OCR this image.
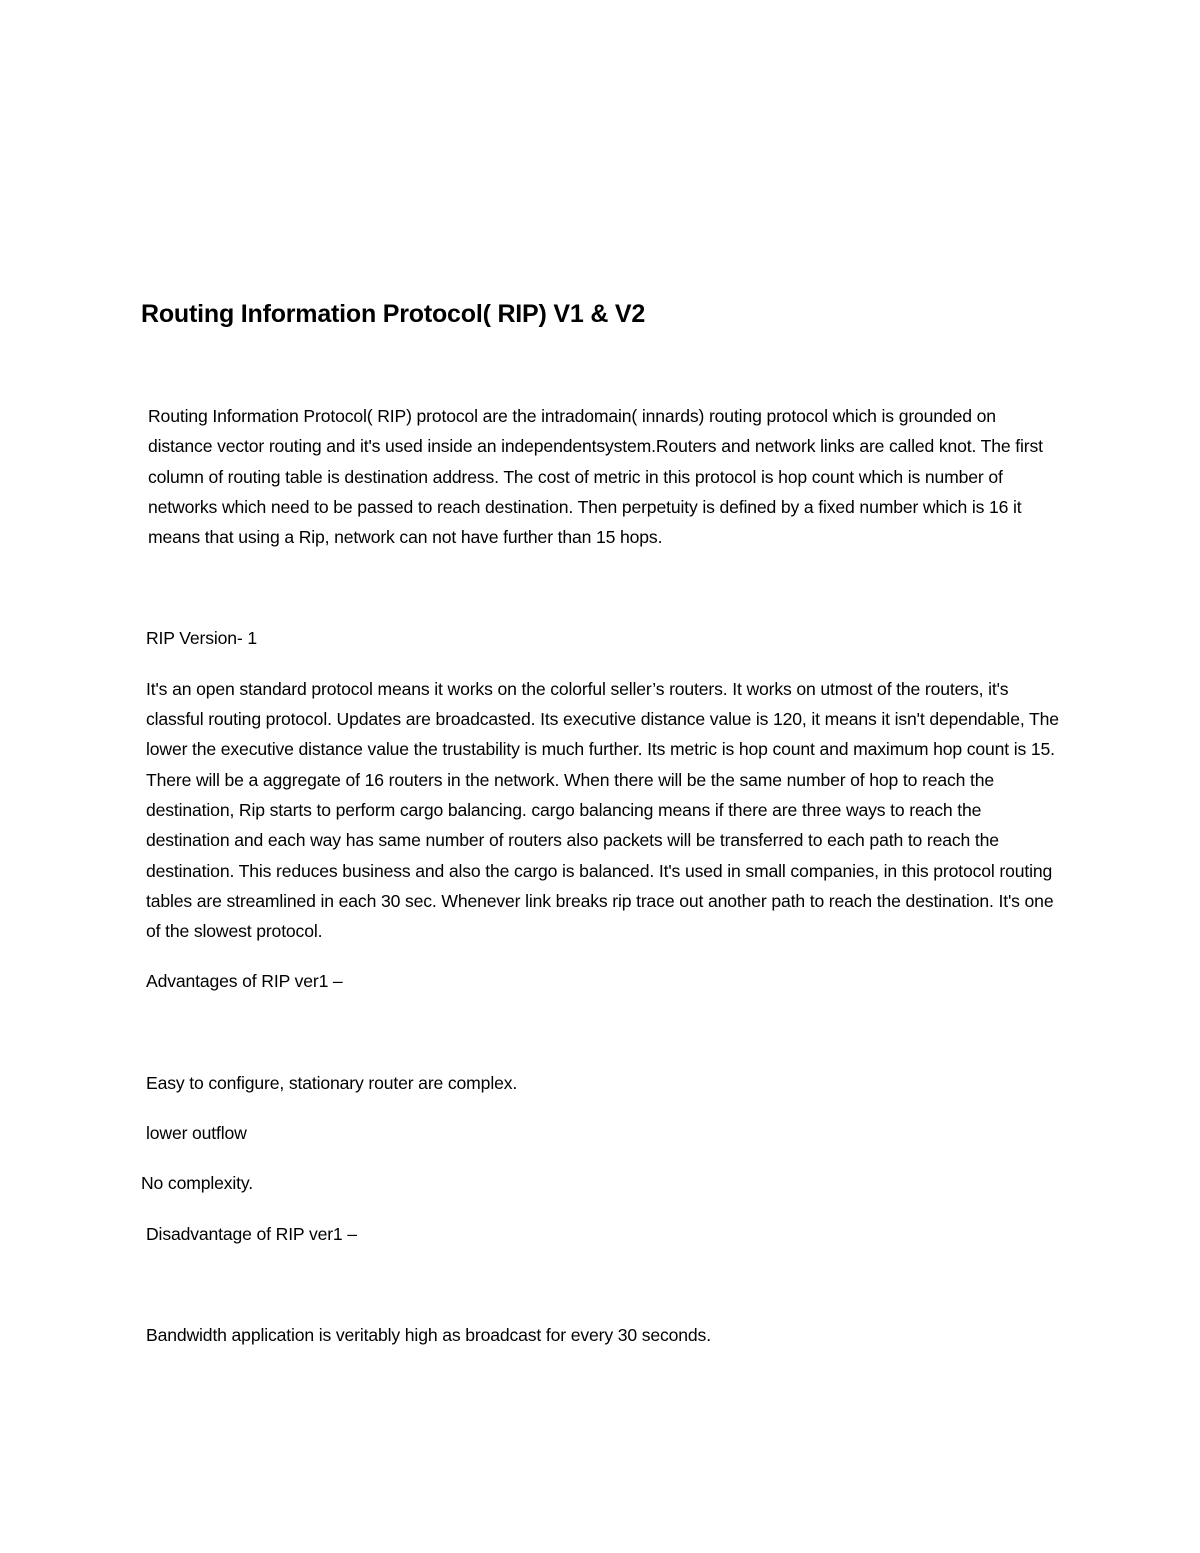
Routing Information Protocol( RIP) V1 & V2

Routing Information Protocol( RIP) protocol are the intradomain( innards) routing protocol which is grounded on distance vector routing and it's used inside an independentsystem.Routers and network links are called knot. The first column of routing table is destination address. The cost of metric in this protocol is hop count which is number of networks which need to be passed to reach destination. Then perpetuity is defined by a fixed number which is 16 it means that using a Rip, network can not have further than 15 hops.

RIP Version- 1

It's an open standard protocol means it works on the colorful seller’s routers. It works on utmost of the routers, it's classful routing protocol. Updates are broadcasted. Its executive distance value is 120, it means it isn't dependable, The lower the executive distance value the trustability is much further. Its metric is hop count and maximum hop count is 15. There will be a aggregate of 16 routers in the network. When there will be the same number of hop to reach the destination, Rip starts to perform cargo balancing. cargo balancing means if there are three ways to reach the destination and each way has same number of routers also packets will be transferred to each path to reach the destination. This reduces business and also the cargo is balanced. It's used in small companies, in this protocol routing tables are streamlined in each 30 sec. Whenever link breaks rip trace out another path to reach the destination. It's one of the slowest protocol.

Advantages of RIP ver1 –

Easy to configure, stationary router are complex.

lower outflow

No complexity.

Disadvantage of RIP ver1 –

Bandwidth application is veritably high as broadcast for every 30 seconds.
